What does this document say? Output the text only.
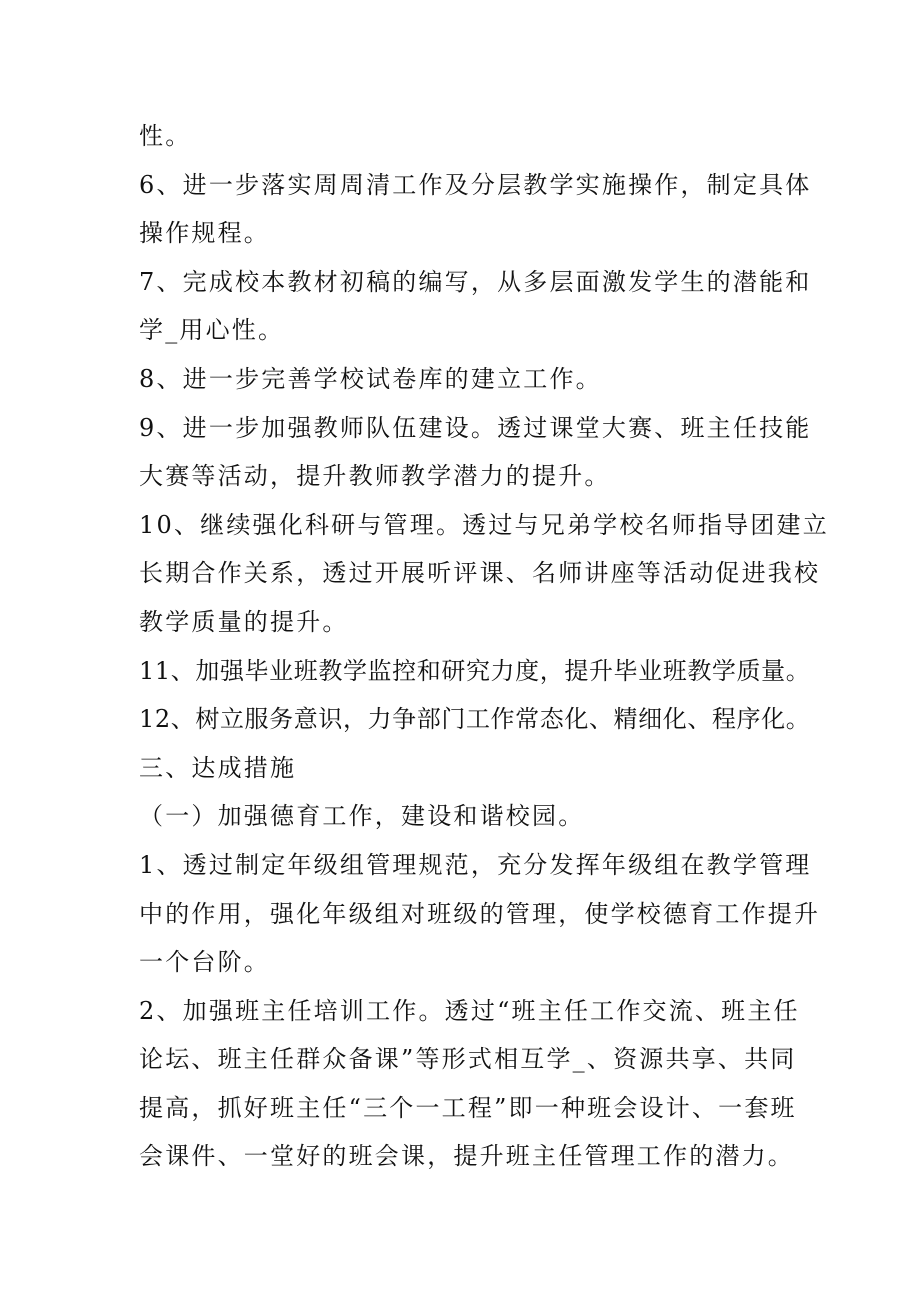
性。
6、进一步落实周周清工作及分层教学实施操作，制定具体
操作规程。
7、完成校本教材初稿的编写，从多层面激发学生的潜能和
学_用心性。
8、进一步完善学校试卷库的建立工作。
9、进一步加强教师队伍建设。透过课堂大赛、班主任技能
大赛等活动，提升教师教学潜力的提升。
10、继续强化科研与管理。透过与兄弟学校名师指导团建立
长期合作关系，透过开展听评课、名师讲座等活动促进我校
教学质量的提升。
11、加强毕业班教学监控和研究力度，提升毕业班教学质量。
12、树立服务意识，力争部门工作常态化、精细化、程序化。
三、达成措施
（一）加强德育工作，建设和谐校园。
1、透过制定年级组管理规范，充分发挥年级组在教学管理
中的作用，强化年级组对班级的管理，使学校德育工作提升
一个台阶。
2、加强班主任培训工作。透过“班主任工作交流、班主任
论坛、班主任群众备课”等形式相互学_、资源共享、共同
提高，抓好班主任“三个一工程”即一种班会设计、一套班
会课件、一堂好的班会课，提升班主任管理工作的潜力。
